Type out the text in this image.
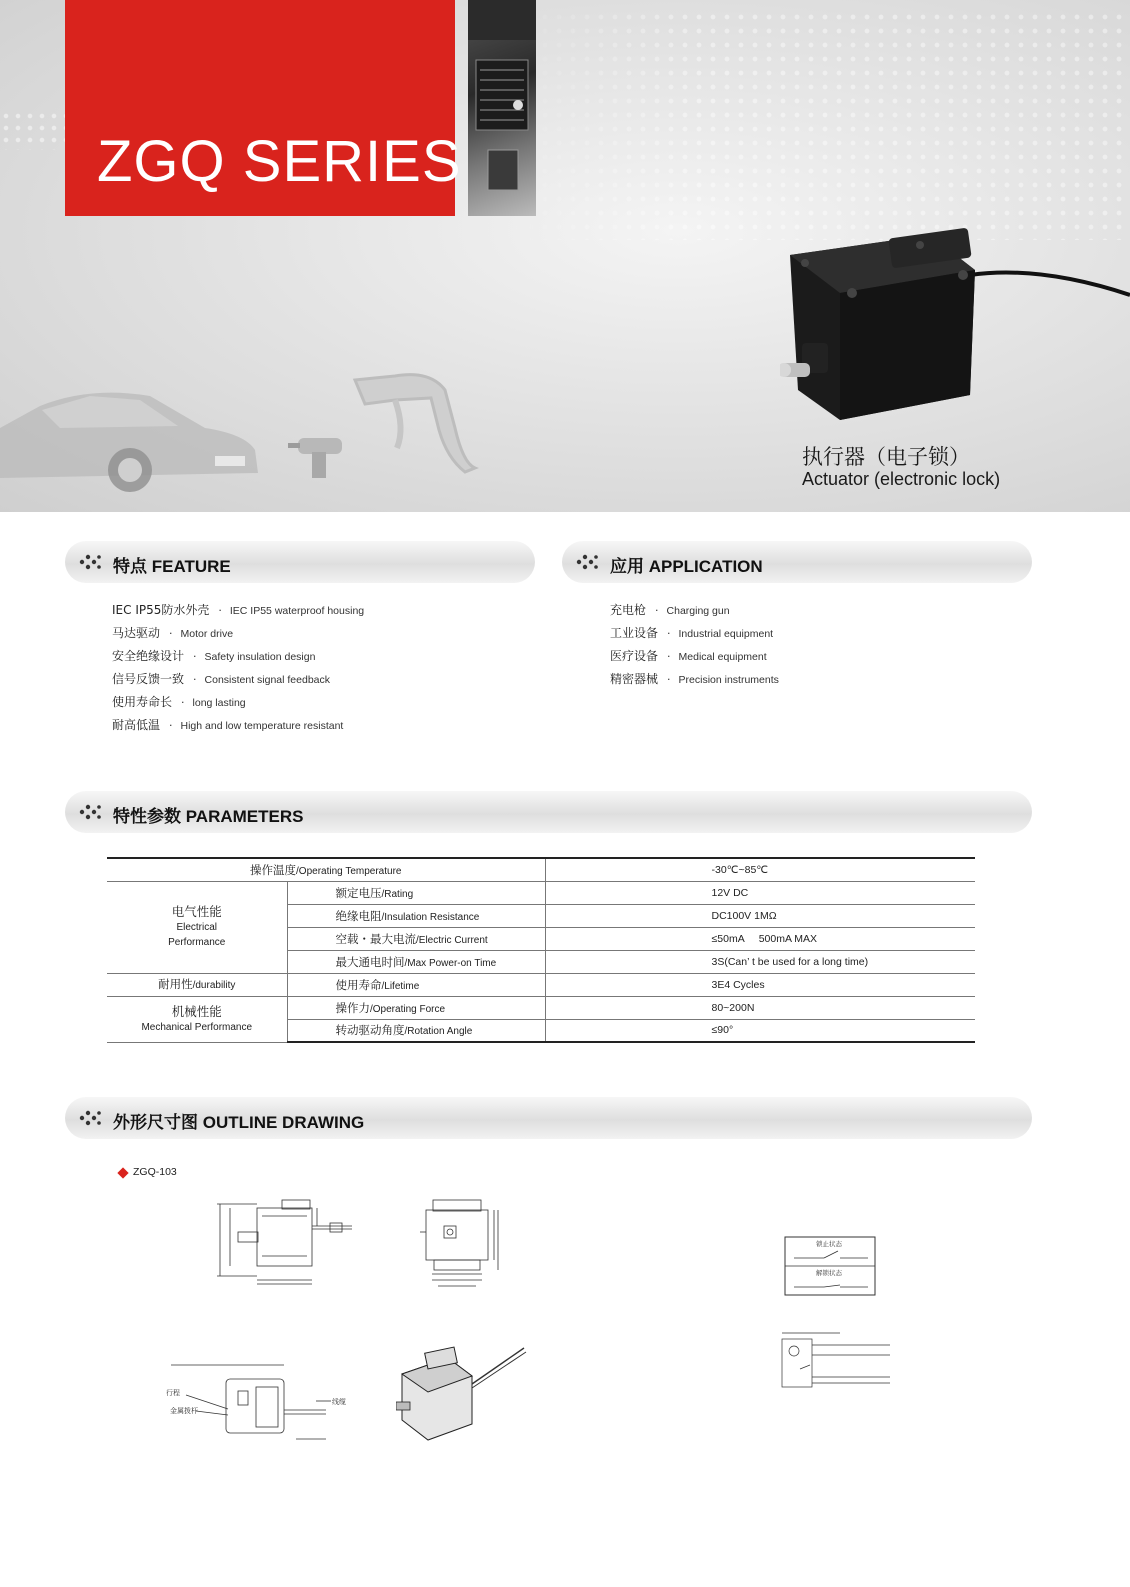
ZGQ SERIES
执行器（电子锁）
Actuator (electronic lock)
特点 FEATURE
IEC IP55防水外壳 · IEC IP55 waterproof housing
马达驱动 · Motor drive
安全绝缘设计 · Safety insulation design
信号反馈一致 · Consistent signal feedback
使用寿命长 · long lasting
耐高低温 · High and low temperature resistant
应用 APPLICATION
充电枪 · Charging gun
工业设备 · Industrial equipment
医疗设备 · Medical equipment
精密器械 · Precision instruments
特性参数 PARAMETERS
操作温度/Operating Temperature		-30℃~85℃
电气性能
Electrical
Performance	额定电压/Rating	12V DC
	绝缘电阻/Insulation Resistance	DC100V 1MΩ
	空载・最大电流/Electric Current	≤50mA     500mA MAX
	最大通电时间/Max Power-on Time	3S(Can’ t be used for a long time)
耐用性/durability	使用寿命/Lifetime	3E4 Cycles
机械性能
Mechanical Performance	操作力/Operating Force	80~200N
	转动驱动角度/Rotation Angle	≤90°
外形尺寸图 OUTLINE DRAWING
ZGQ-103
锁止状态
解锁状态
行程
金属拨杆
线缆
